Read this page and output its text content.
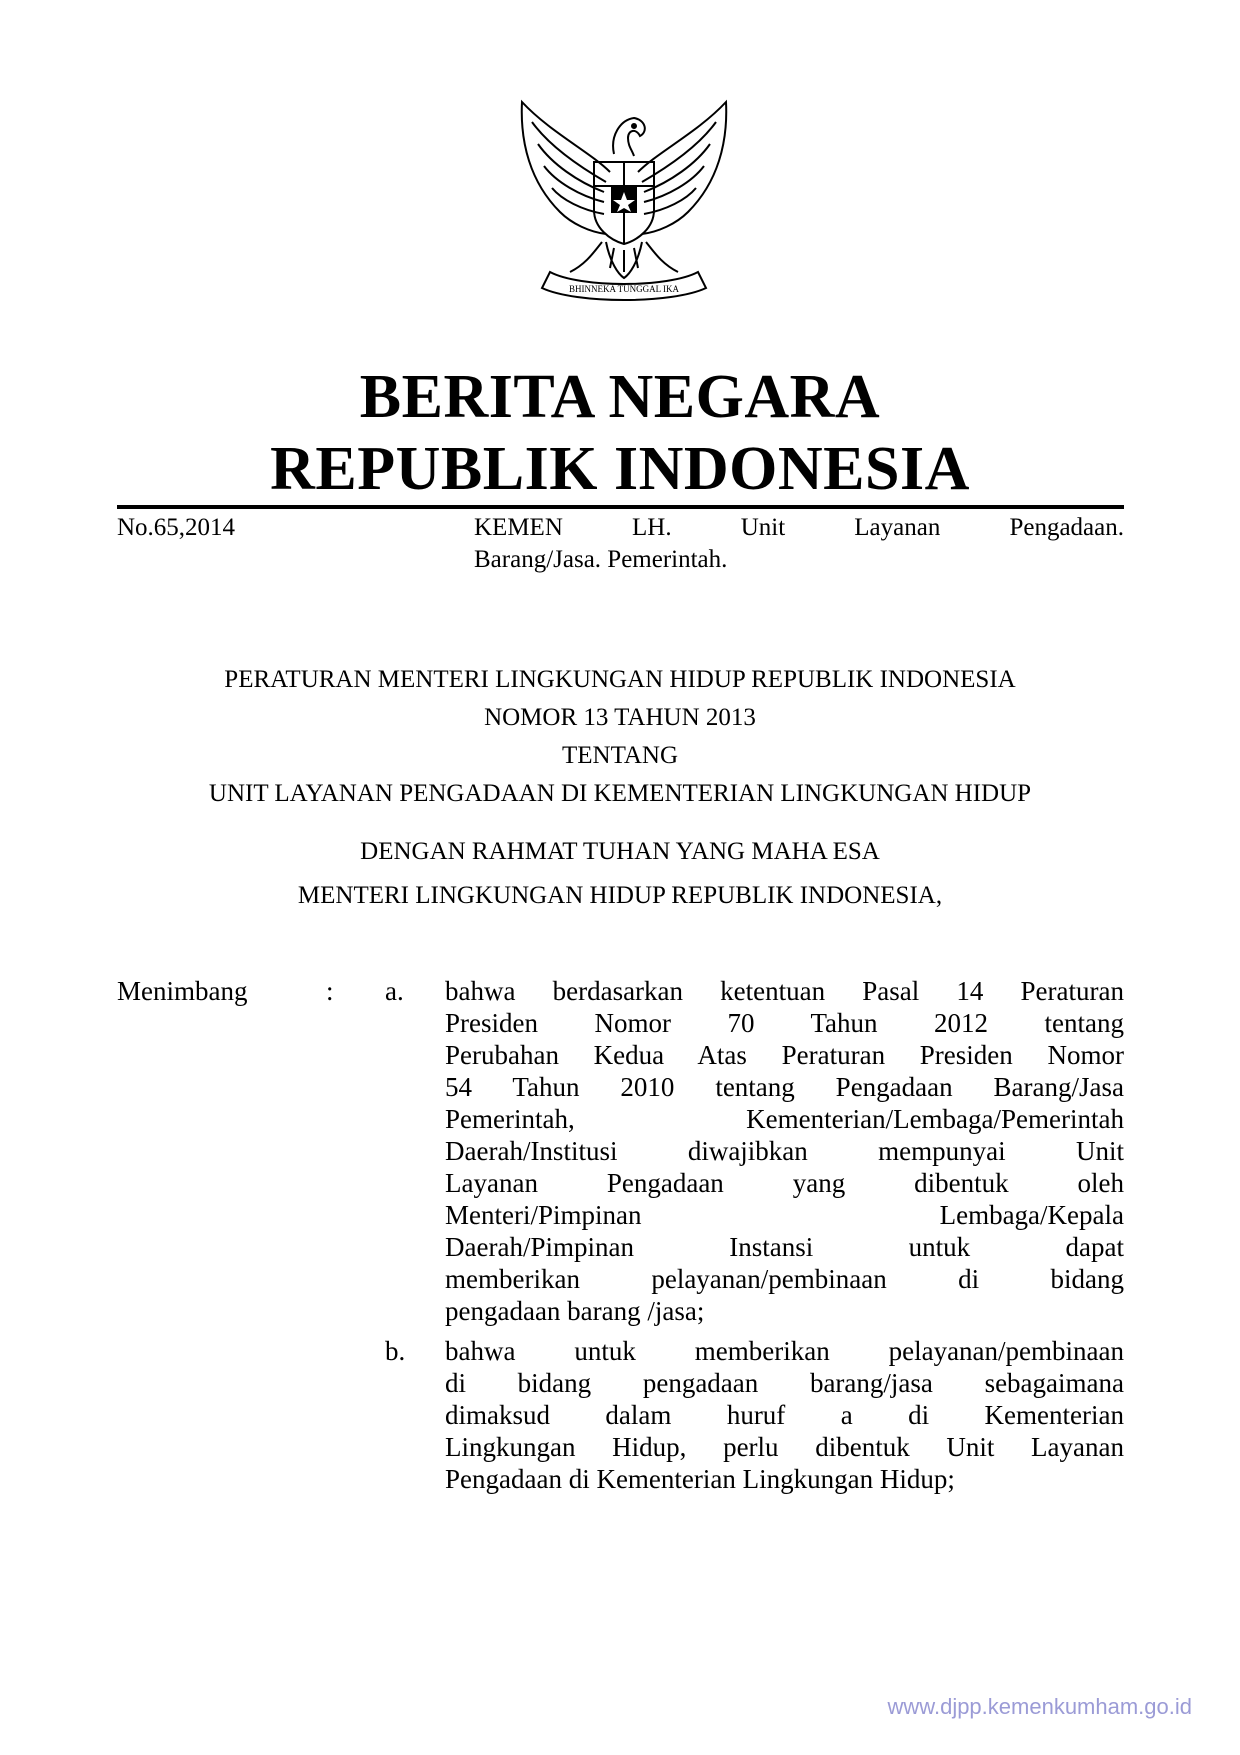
BHINNEKA TUNGGAL IKA
BERITA NEGARA
REPUBLIK INDONESIA
No.65,2014	KEMEN LH. Unit Layanan Pengadaan.
Barang/Jasa. Pemerintah.
PERATURAN MENTERI LINGKUNGAN HIDUP REPUBLIK INDONESIA
NOMOR 13 TAHUN 2013
TENTANG
UNIT LAYANAN PENGADAAN DI KEMENTERIAN LINGKUNGAN HIDUP
DENGAN RAHMAT TUHAN YANG MAHA ESA
MENTERI LINGKUNGAN HIDUP REPUBLIK INDONESIA,
Menimbang	: a. bahwa berdasarkan ketentuan Pasal 14 Peraturan
Presiden Nomor 70 Tahun 2012 tentang
Perubahan Kedua Atas Peraturan Presiden Nomor
54 Tahun 2010 tentang Pengadaan Barang/Jasa
Pemerintah, Kementerian/Lembaga/Pemerintah
Daerah/Institusi diwajibkan mempunyai Unit
Layanan Pengadaan yang dibentuk oleh
Menteri/Pimpinan Lembaga/Kepala
Daerah/Pimpinan Instansi untuk dapat
memberikan pelayanan/pembinaan di bidang
pengadaan barang /jasa;
b. bahwa untuk memberikan pelayanan/pembinaan
di bidang pengadaan barang/jasa sebagaimana
dimaksud dalam huruf a di Kementerian
Lingkungan Hidup, perlu dibentuk Unit Layanan
Pengadaan di Kementerian Lingkungan Hidup;
www.djpp.kemenkumham.go.id
